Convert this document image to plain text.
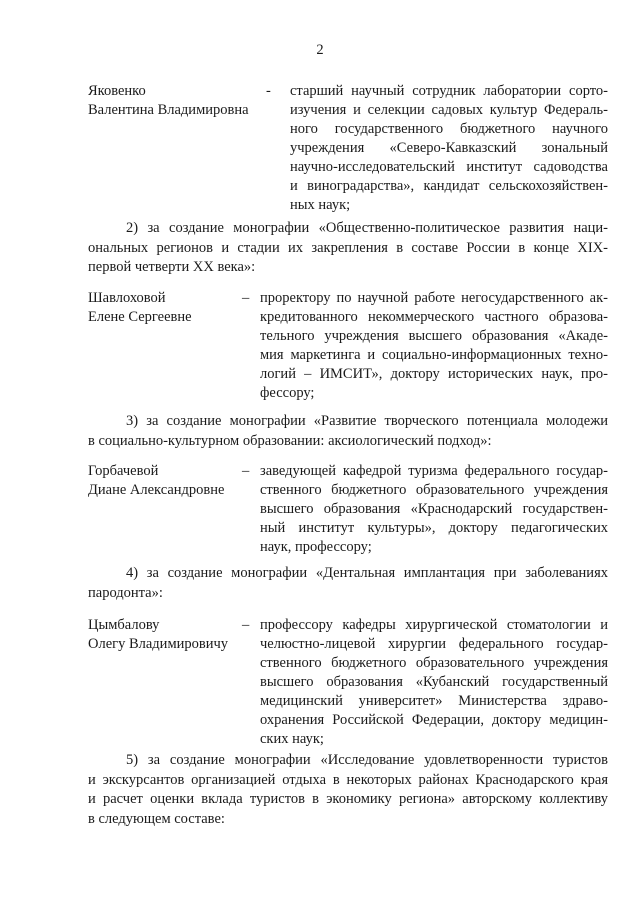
2
Яковенко
Валентина Владимировна
- старший научный сотрудник лаборатории сорто-
изучения и селекции садовых культур Федераль-
ного государственного бюджетного научного
учреждения «Северо-Кавказский зональный
научно-исследовательский институт садоводства
и виноградарства», кандидат сельскохозяйствен-
ных наук;
2) за создание монографии «Общественно-политическое развития наци-
ональных регионов и стадии их закрепления в составе России в конце XIX-
первой четверти XX века»:
Шавлоховой
Елене Сергеевне
– проректору по научной работе негосударственного ак-
кредитованного некоммерческого частного образова-
тельного учреждения высшего образования «Акаде-
мия маркетинга и социально-информационных техно-
логий – ИМСИТ», доктору исторических наук, про-
фессору;
3) за создание монографии «Развитие творческого потенциала молодежи
в социально-культурном образовании: аксиологический подход»:
Горбачевой
Диане Александровне
– заведующей кафедрой туризма федерального государ-
ственного бюджетного образовательного учреждения
высшего образования «Краснодарский государствен-
ный институт культуры», доктору педагогических
наук, профессору;
4) за создание монографии «Дентальная имплантация при заболеваниях
пародонта»:
Цымбалову
Олегу Владимировичу
– профессору кафедры хирургической стоматологии и
челюстно-лицевой хирургии федерального государ-
ственного бюджетного образовательного учреждения
высшего образования «Кубанский государственный
медицинский университет» Министерства здраво-
охранения Российской Федерации, доктору медицин-
ских наук;
5) за создание монографии «Исследование удовлетворенности туристов
и экскурсантов организацией отдыха в некоторых районах Краснодарского края
и расчет оценки вклада туристов в экономику региона» авторскому коллективу
в следующем составе:
